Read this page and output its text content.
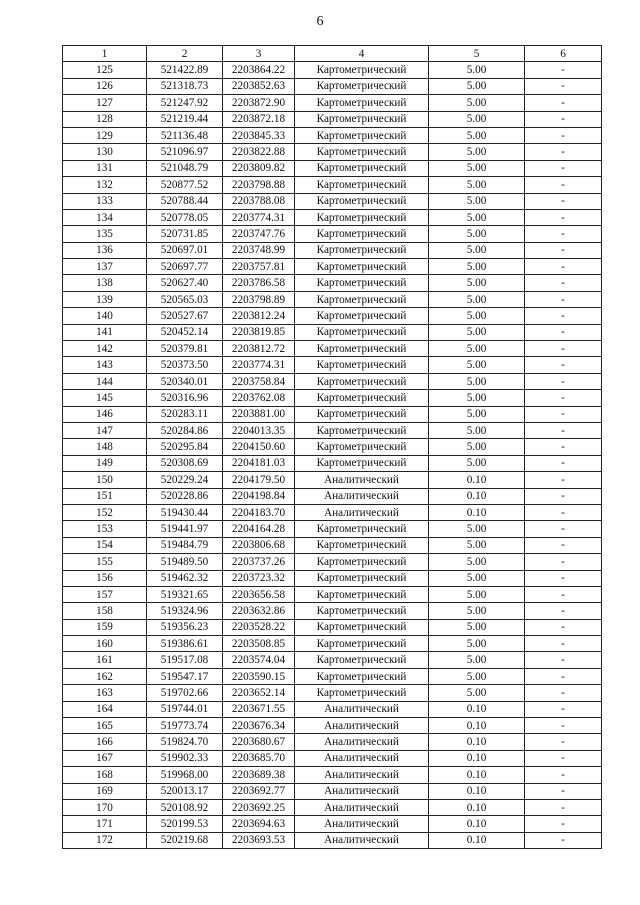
6
1	2	3	4	5	6
125	521422.89	2203864.22	Картометрический	5.00	-
126	521318.73	2203852.63	Картометрический	5.00	-
127	521247.92	2203872.90	Картометрический	5.00	-
128	521219.44	2203872.18	Картометрический	5.00	-
129	521136.48	2203845.33	Картометрический	5.00	-
130	521096.97	2203822.88	Картометрический	5.00	-
131	521048.79	2203809.82	Картометрический	5.00	-
132	520877.52	2203798.88	Картометрический	5.00	-
133	520788.44	2203788.08	Картометрический	5.00	-
134	520778.05	2203774.31	Картометрический	5.00	-
135	520731.85	2203747.76	Картометрический	5.00	-
136	520697.01	2203748.99	Картометрический	5.00	-
137	520697.77	2203757.81	Картометрический	5.00	-
138	520627.40	2203786.58	Картометрический	5.00	-
139	520565.03	2203798.89	Картометрический	5.00	-
140	520527.67	2203812.24	Картометрический	5.00	-
141	520452.14	2203819.85	Картометрический	5.00	-
142	520379.81	2203812.72	Картометрический	5.00	-
143	520373.50	2203774.31	Картометрический	5.00	-
144	520340.01	2203758.84	Картометрический	5.00	-
145	520316.96	2203762.08	Картометрический	5.00	-
146	520283.11	2203881.00	Картометрический	5.00	-
147	520284.86	2204013.35	Картометрический	5.00	-
148	520295.84	2204150.60	Картометрический	5.00	-
149	520308.69	2204181.03	Картометрический	5.00	-
150	520229.24	2204179.50	Аналитический	0.10	-
151	520228.86	2204198.84	Аналитический	0.10	-
152	519430.44	2204183.70	Аналитический	0.10	-
153	519441.97	2204164.28	Картометрический	5.00	-
154	519484.79	2203806.68	Картометрический	5.00	-
155	519489.50	2203737.26	Картометрический	5.00	-
156	519462.32	2203723.32	Картометрический	5.00	-
157	519321.65	2203656.58	Картометрический	5.00	-
158	519324.96	2203632.86	Картометрический	5.00	-
159	519356.23	2203528.22	Картометрический	5.00	-
160	519386.61	2203508.85	Картометрический	5.00	-
161	519517.08	2203574.04	Картометрический	5.00	-
162	519547.17	2203590.15	Картометрический	5.00	-
163	519702.66	2203652.14	Картометрический	5.00	-
164	519744.01	2203671.55	Аналитический	0.10	-
165	519773.74	2203676.34	Аналитический	0.10	-
166	519824.70	2203680.67	Аналитический	0.10	-
167	519902.33	2203685.70	Аналитический	0.10	-
168	519968.00	2203689.38	Аналитический	0.10	-
169	520013.17	2203692.77	Аналитический	0.10	-
170	520108.92	2203692.25	Аналитический	0.10	-
171	520199.53	2203694.63	Аналитический	0.10	-
172	520219.68	2203693.53	Аналитический	0.10	-
